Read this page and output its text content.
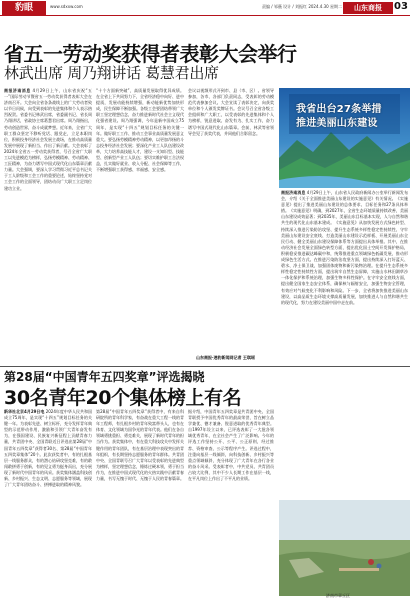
豹眼	www.sdxxw.com	责编 / 邹薇 设计 / 刘振红 2024.4.30 星期二	山东商报	03
省五一劳动奖获得者表彰大会举行
林武出席 周乃翔讲话 葛慧君出席
商报济南消息 4月29日上午，山东省庆祝“五一”国际劳动节暨省五一劳动奖获得者表彰大会在济南召开。大会向全省各条战线上的广大劳动者致以节日问候，向受到表彰的先进集体和个人表示热烈祝贺。省委书记林武出席，省委副书记、省长周乃翔讲话，省政协主席葛慧君出席。周乃翔指出，劳动创造世界，奋斗成就梦想。近年来，全省广大职工群众坚定不移听党话、跟党走，立足本职岗位，积极投身经济社会发展主战场，在推动高质量发展中展现了新担当、作出了新贡献。大会表彰了2024年全省五一劳动奖获得者，号召全省广大职工以先进模范为榜样，弘扬劳模精神、劳动精神、工匠精神，为奋力谱写中国式现代化山东篇章贡献力量。大会强调，要深入学习贯彻习近平总书记关于工人阶级和工会工作的重要论述，始终坚持党对工会工作的全面领导，团结动员广大职工立足岗位建功立业。
“十个方面新突破”，高质量发展取得优异成绩。在全省上下共同努力下，全省经济稳中向好、进中提质，发展动能持续增强，新动能新优势加快形成，民生保障不断加强。各级工会要团结带领广大职工坚定理想信念，奋力推进新时代社会主义现代化强省建设。周乃翔强调，今年是新中国成立75周年，是实现“十四五”规划目标任务的关键一年。做好职工工作、推动工会事业高质量发展意义重大。要弘扬劳模精神劳动精神，以更加昂扬的斗志投身经济社会发展；要深化产业工人队伍建设改革，大力培养高技能人才，建设一支知识型、技能型、创新型产业工人队伍；要切实维护职工合法权益，扎实做好就业、收入分配、社会保障等工作，不断增强职工获得感、幸福感、安全感。
会议以视频形式开到市、县（市、区）。省领导参加，各市、各部门负责同志，受表彰的劳动模范代表参加会议。大会宣读了表彰决定，向获奖单位和个人颁发奖牌证书。会议号召全省各级工会组织和广大职工，以受表彰的先进集体和个人为榜样，锐意进取、奋发有为、扎实工作，奋力谱写中国式现代化山东篇章。会前，林武等省领导会见了获奖代表，并同他们合影留念。
山东商报·速豹新闻网记者 王琪瑶
我省出台27条举措
推进美丽山东建设
商报济南消息 4月29日上午，山东省人民政府新闻办公室举行新闻发布会，介绍《关于全面推进美丽山东建设的实施意见》有关情况。《实施意见》提出了推进美丽山东建设的总体要求、目标任务和27条具体举措。《实施意见》明确，到2027年，全省生态环境质量持续改善，美丽山东建设成效显著；到2035年，美丽山东目标基本实现，人与自然和谐共生的现代化山东基本建成。《实施意见》从加快发展方式绿色转型、持续深入推进污染防治攻坚、提升生态系统多样性稳定性持续性、守牢美丽山东建设安全底线、打造美丽山东建设示范样板、开展美丽山东全民行动、健全美丽山东建设保障体系等方面提出具体举措。其中，在推动经济社会发展全面绿色转型方面，提出优化国土空间开发保护格局，积极稳妥推进碳达峰碳中和，统筹推进重点领域绿色低碳发展，推动形成绿色生活方式。在推进污染防治攻坚方面，提出持续深入打好蓝天、碧水、净土保卫战，加强固体废物和新污染物治理。在提升生态系统多样性稳定性持续性方面，提出筑牢自然生态屏障，实施山水林田湖草沙一体化保护和系统治理，加强生物多样性保护。在守牢安全底线方面，提出健全国家生态安全体系，确保核与辐射安全，加强生物安全管理，有效应对气候变化不利影响和风险。下一步，全省将加快推进美丽山东建设，以高品质生态环境支撑高质量发展，加快推进人与自然和谐共生的现代化，努力在建设美丽中国中走在前。
第28届“中国青年五四奖章”评选揭晓
30名青年20个集体榜上有名
新华社北京4月29日电 2024年度中华人民共和国成立75周年，是实现“十四五”规划目标任务的关键一年。为表彰先进、树立标杆，充分发挥青年典型的示范带动作用，激励和引领广大青年奋发有为，在强国建设、民族复兴新征程上贡献青春力量，共青团中央、全国青联近日评选出第28届“中国青年五四奖章”获得者30名、第28届“中国青年五四奖章集体”20个。此次获奖者中，有的扎根基层一线服务群众，有的潜心钻研攻坚克难，有的敢闯敢拼勇于创新，有的见义勇为挺身而出，充分展现了新时代中国青年的风采。获奖集体涵盖科技创新、乡村振兴、生态文明、志愿服务等领域，展现了广大青年团结奋斗、拼搏进取的精神风貌。
第28届“中国青年五四奖章”获得者中，有来自科研院所的青年科学家，有奋战在重大工程一线的青年工程师，有扎根乡村的青年致富带头人，也有在体育、文化领域为国争光的青年代表。他们在各自领域勇挑重担、勇克难关，展现了新时代青年的担当作为。获奖集体中，有在重大科技攻关中发挥关键作用的青年团队，有在基层治理中表现突出的青年组织，有长期坚持志愿服务的青年群体。共青团中央、全国青联号召广大青年以受表彰的先进典型为榜样，坚定理想信念，锤炼过硬本领，勇于担当作为，在推进中国式现代化的火热实践中贡献青春力量，书写无愧于时代、无愧于人民的青春篇章。
据介绍，中国青年五四奖章是共青团中央、全国青联授予中国优秀青年的最高荣誉，旨在树立品学兼优、德才兼备、锐意进取的优秀青年典型。自1997年设立以来，已评选表彰了一大批各领域优秀青年，在全社会产生了广泛影响。今年的评选工作坚持公开、公平、公正原则，经过推荐、资格审查、公示等程序产生。评选过程中，注重向基层一线倾斜，向科技创新、乡村振兴等重点领域倾斜，充分体现了广大青年在各行各业的奋斗风采。受表彰者中，中共党员、共青团员占较大比例，其中不少人长期工作在基层一线，在平凡岗位上作出了不平凡的业绩。
济南市章丘区
